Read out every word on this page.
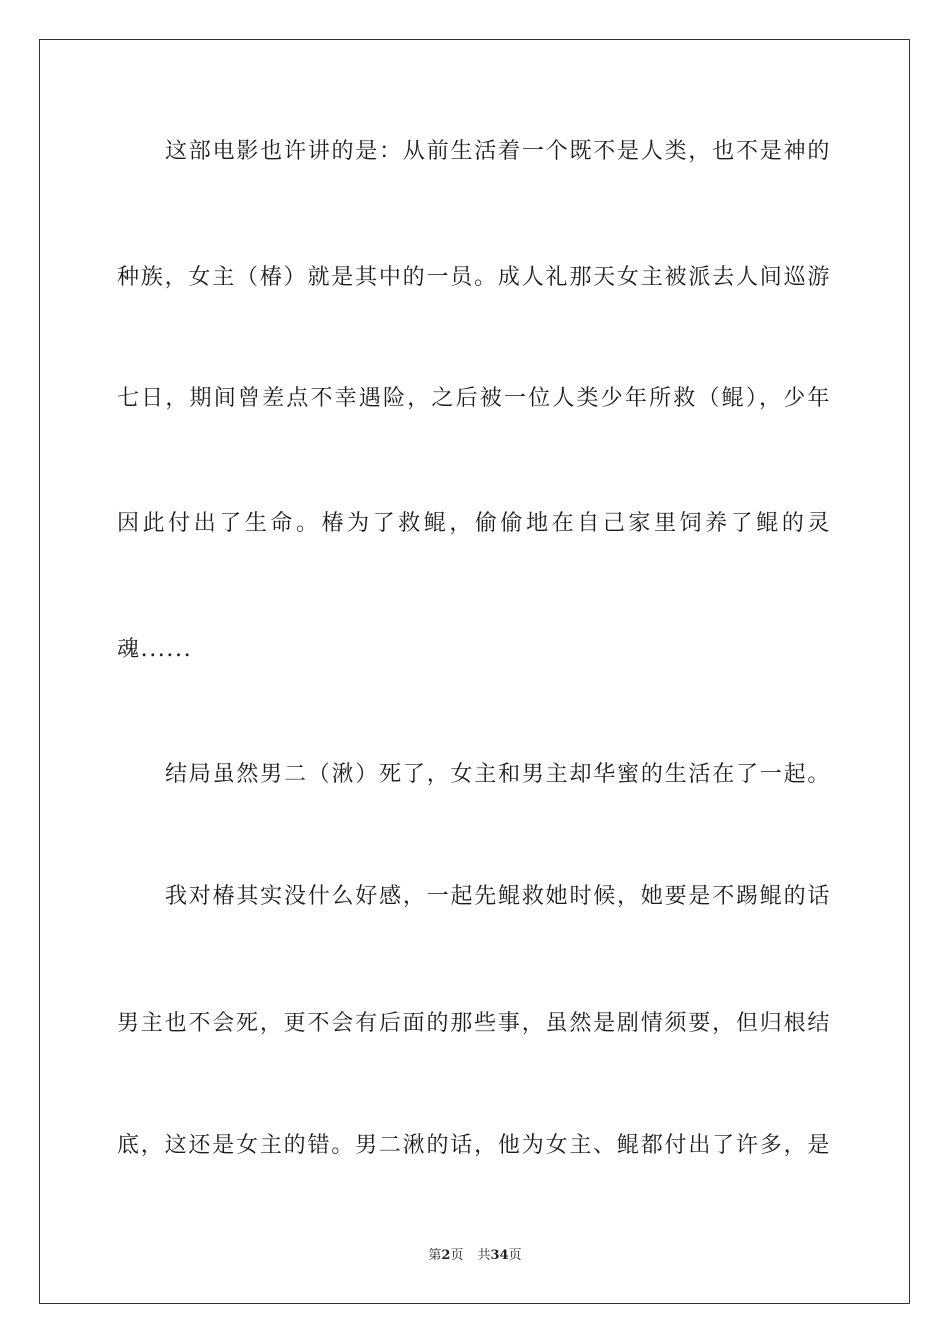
这部电影也许讲的是：从前生活着一个既不是人类，也不是神的
种族，女主（椿）就是其中的一员。成人礼那天女主被派去人间巡游
七日，期间曾差点不幸遇险，之后被一位人类少年所救（鲲），少年
因此付出了生命。椿为了救鲲，偷偷地在自己家里饲养了鲲的灵
魂......
结局虽然男二（湫）死了，女主和男主却华蜜的生活在了一起。
我对椿其实没什么好感，一起先鲲救她时候，她要是不踢鲲的话
男主也不会死，更不会有后面的那些事，虽然是剧情须要，但归根结
底，这还是女主的错。男二湫的话，他为女主、鲲都付出了许多，是
第2页 共34页
